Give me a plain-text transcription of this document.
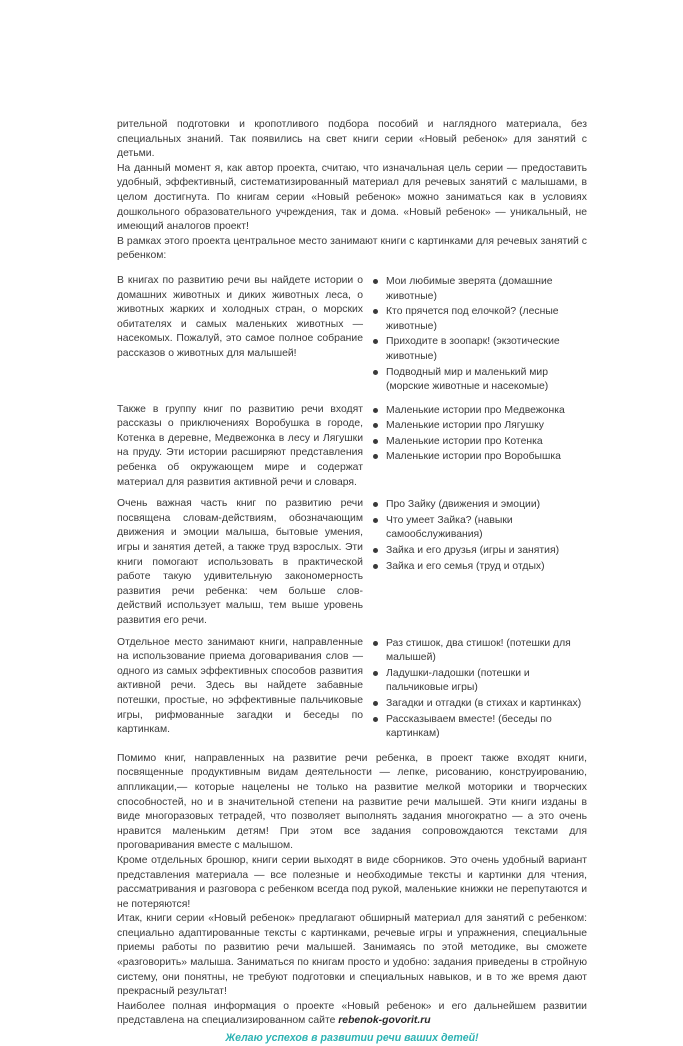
рительной подготовки и кропотливого подбора пособий и наглядного материала, без специальных знаний. Так появились на свет книги серии «Новый ребенок» для занятий с детьми.

На данный момент я, как автор проекта, считаю, что изначальная цель серии — предоставить удобный, эффективный, систематизированный материал для речевых занятий с малышами, в целом достигнута. По книгам серии «Новый ребенок» можно заниматься как в условиях дошкольного образовательного учреждения, так и дома. «Новый ребенок» — уникальный, не имеющий аналогов проект!

В рамках этого проекта центральное место занимают книги с картинками для речевых занятий с ребенком:

В книгах по развитию речи вы найдете истории о домашних животных и диких животных леса, о животных жарких и холодных стран, о морских обитателях и самых маленьких животных — насекомых. Пожалуй, это самое полное собрание рассказов о животных для малышей!

Мои любимые зверята (домашние животные)
Кто прячется под елочкой? (лесные животные)
Приходите в зоопарк! (экзотические животные)
Подводный мир и маленький мир (морские животные и насекомые)

Также в группу книг по развитию речи входят рассказы о приключениях Воробушка в городе, Котенка в деревне, Медвежонка в лесу и Лягушки на пруду. Эти истории расширяют представления ребенка об окружающем мире и содержат материал для развития активной речи и словаря.

Маленькие истории про Медвежонка
Маленькие истории про Лягушку
Маленькие истории про Котенка
Маленькие истории про Воробышка

Очень важная часть книг по развитию речи посвящена словам-действиям, обозначающим движения и эмоции малыша, бытовые умения, игры и занятия детей, а также труд взрослых. Эти книги помогают использовать в практической работе такую удивительную закономерность развития речи ребенка: чем больше слов-действий использует малыш, тем выше уровень развития его речи.

Про Зайку (движения и эмоции)
Что умеет Зайка? (навыки самообслуживания)
Зайка и его друзья (игры и занятия)
Зайка и его семья (труд и отдых)

Отдельное место занимают книги, направленные на использование приема договаривания слов — одного из самых эффективных способов развития активной речи. Здесь вы найдете забавные потешки, простые, но эффективные пальчиковые игры, рифмованные загадки и беседы по картинкам.

Раз стишок, два стишок! (потешки для малышей)
Ладушки-ладошки (потешки и пальчиковые игры)
Загадки и отгадки (в стихах и картинках)
Рассказываем вместе! (беседы по картинкам)

Помимо книг, направленных на развитие речи ребенка, в проект также входят книги, посвященные продуктивным видам деятельности — лепке, рисованию, конструированию, аппликации,— которые нацелены не только на развитие мелкой моторики и творческих способностей, но и в значительной степени на развитие речи малышей. Эти книги изданы в виде многоразовых тетрадей, что позволяет выполнять задания многократно — а это очень нравится маленьким детям! При этом все задания сопровождаются текстами для проговаривания вместе с малышом.

Кроме отдельных брошюр, книги серии выходят в виде сборников. Это очень удобный вариант представления материала — все полезные и необходимые тексты и картинки для чтения, рассматривания и разговора с ребенком всегда под рукой, маленькие книжки не перепутаются и не потеряются!

Итак, книги серии «Новый ребенок» предлагают обширный материал для занятий с ребенком: специально адаптированные тексты с картинками, речевые игры и упражнения, специальные приемы работы по развитию речи малышей. Занимаясь по этой методике, вы сможете «разговорить» малыша. Заниматься по книгам просто и удобно: задания приведены в стройную систему, они понятны, не требуют подготовки и специальных навыков, и в то же время дают прекрасный результат!

Наиболее полная информация о проекте «Новый ребенок» и его дальнейшем развитии представлена на специализированном сайте rebenok-govorit.ru

Желаю успехов в развитии речи ваших детей!
